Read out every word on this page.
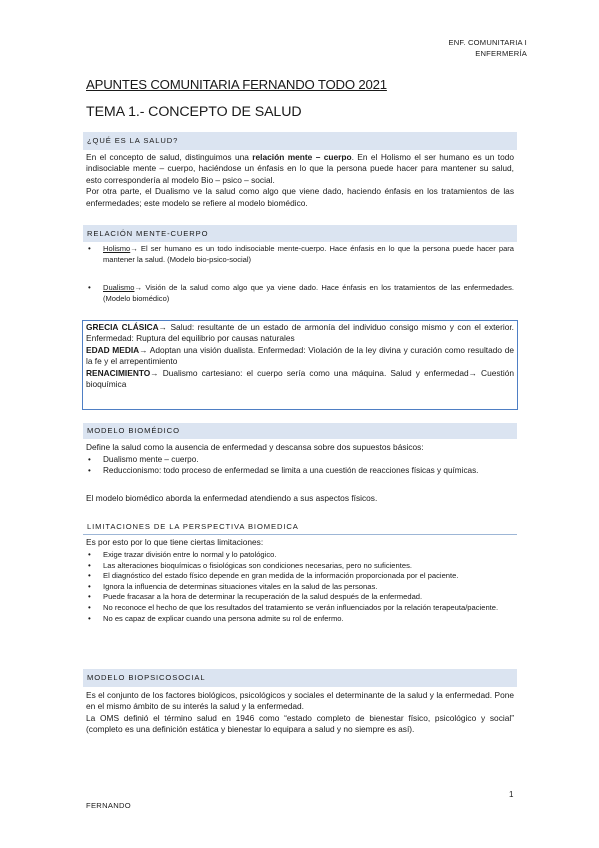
ENF. COMUNITARIA I
ENFERMERÍA
APUNTES COMUNITARIA FERNANDO TODO 2021
TEMA 1.- CONCEPTO DE SALUD
¿QUÉ ES LA SALUD?
En el concepto de salud, distinguimos una relación mente – cuerpo. En el Holismo el ser humano es un todo indisociable mente – cuerpo, haciéndose un énfasis en lo que la persona puede hacer para mantener su salud, esto correspondería al modelo Bio – psico – social.
Por otra parte, el Dualismo ve la salud como algo que viene dado, haciendo énfasis en los tratamientos de las enfermedades; este modelo se refiere al modelo biomédico.
RELACIÓN MENTE-CUERPO
• Holismo→ El ser humano es un todo indisociable mente-cuerpo. Hace énfasis en lo que la persona puede hacer para mantener la salud. (Modelo bio-psico-social)
• Dualismo→ Visión de la salud como algo que ya viene dado. Hace énfasis en los tratamientos de las enfermedades. (Modelo biomédico)
GRECIA CLÁSICA→ Salud: resultante de un estado de armonía del individuo consigo mismo y con el exterior. Enfermedad: Ruptura del equilibrio por causas naturales
EDAD MEDIA→ Adoptan una visión dualista. Enfermedad: Violación de la ley divina y curación como resultado de la fe y el arrepentimiento
RENACIMIENTO→ Dualismo cartesiano: el cuerpo sería como una máquina. Salud y enfermedad→ Cuestión bioquímica
MODELO BIOMÉDICO
Define la salud como la ausencia de enfermedad y descansa sobre dos supuestos básicos:
• Dualismo mente – cuerpo.
• Reduccionismo: todo proceso de enfermedad se limita a una cuestión de reacciones físicas y químicas.
El modelo biomédico aborda la enfermedad atendiendo a sus aspectos físicos.
LIMITACIONES DE LA PERSPECTIVA BIOMEDICA
Es por esto por lo que tiene ciertas limitaciones:
• Exige trazar división entre lo normal y lo patológico.
• Las alteraciones bioquímicas o fisiológicas son condiciones necesarias, pero no suficientes.
• El diagnóstico del estado físico depende en gran medida de la información proporcionada por el paciente.
• Ignora la influencia de determinas situaciones vitales en la salud de las personas.
• Puede fracasar a la hora de determinar la recuperación de la salud después de la enfermedad.
• No reconoce el hecho de que los resultados del tratamiento se verán influenciados por la relación terapeuta/paciente.
• No es capaz de explicar cuando una persona admite su rol de enfermo.
MODELO BIOPSICOSOCIAL
Es el conjunto de los factores biológicos, psicológicos y sociales el determinante de la salud y la enfermedad. Pone en el mismo ámbito de su interés la salud y la enfermedad.
La OMS definió el término salud en 1946 como “estado completo de bienestar físico, psicológico y social” (completo es una definición estática y bienestar lo equipara a salud y no siempre es así).
1
FERNANDO
